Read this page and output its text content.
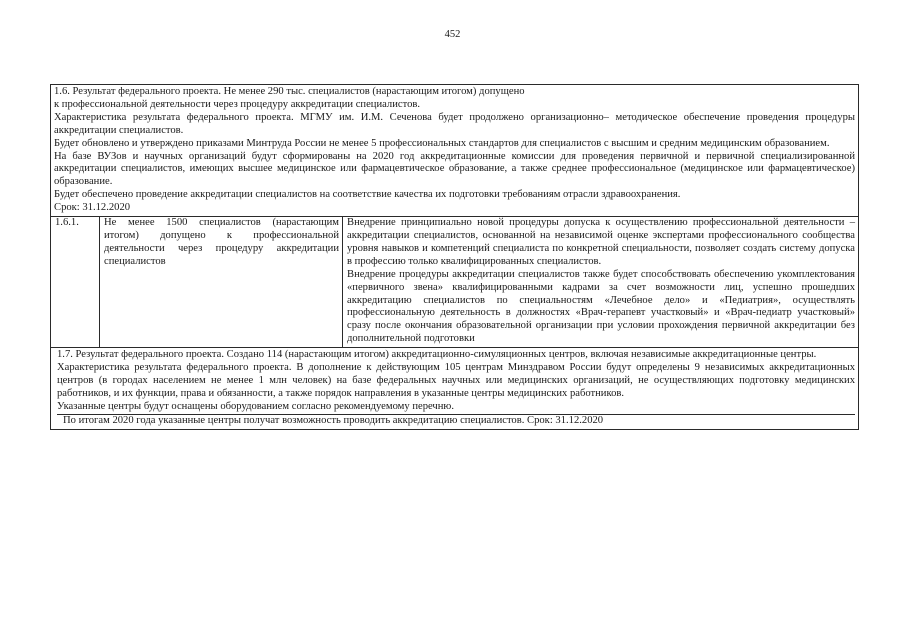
452

1.6. Результат федерального проекта. Не менее 290 тыс. специалистов (нарастающим итогом) допущено

к профессиональной деятельности через процедуру аккредитации специалистов.

Характеристика результата федерального проекта. МГМУ им. И.М. Сеченова будет продолжено организационно– методическое обеспечение проведения процедуры аккредитации специалистов.

Будет обновлено и утверждено приказами Минтруда России не менее 5 профессиональных стандартов для специалистов с высшим и средним медицинским образованием.

На базе ВУЗов и научных организаций будут сформированы на 2020 год аккредитационные комиссии для проведения первичной и первичной специализированной аккредитации специалистов, имеющих высшее медицинское или фармацевтическое образование, а также среднее профессиональное (медицинское или фармацевтическое) образование.

Будет обеспечено проведение аккредитации специалистов на соответствие качества их подготовки требованиям отрасли здравоохранения.

Срок: 31.12.2020

1.6.1.	Не менее 1500 специалистов (нарастающим итогом) допущено к профессиональной деятельности через процедуру аккредитации специалистов

Внедрение принципиально новой процедуры допуска к осуществлению профессиональной деятельности – аккредитации специалистов, основанной на независимой оценке экспертами профессионального сообщества уровня навыков и компетенций специалиста по конкретной специальности, позволяет создать систему допуска в профессию только квалифицированных специалистов.

Внедрение процедуры аккредитации специалистов также будет способствовать обеспечению укомплектования «первичного звена» квалифицированными кадрами за счет возможности лиц, успешно прошедших аккредитацию специалистов по специальностям «Лечебное дело» и «Педиатрия», осуществлять профессиональную деятельность в должностях «Врач-терапевт участковый» и «Врач-педиатр участковый» сразу после окончания образовательной организации при условии прохождения первичной аккредитации без дополнительной подготовки

1.7. Результат федерального проекта. Создано 114 (нарастающим итогом) аккредитационно-симуляционных центров, включая независимые аккредитационные центры.

Характеристика результата федерального проекта. В дополнение к действующим 105 центрам Минздравом России будут определены 9 независимых аккредитационных центров (в городах населением не менее 1 млн человек) на базе федеральных научных или медицинских организаций, не осуществляющих подготовку медицинских работников, и их функции, права и обязанности, а также порядок направления в указанные центры медицинских работников.

Указанные центры будут оснащены оборудованием согласно рекомендуемому перечню.

По итогам 2020 года указанные центры получат возможность проводить аккредитацию специалистов. Срок: 31.12.2020
